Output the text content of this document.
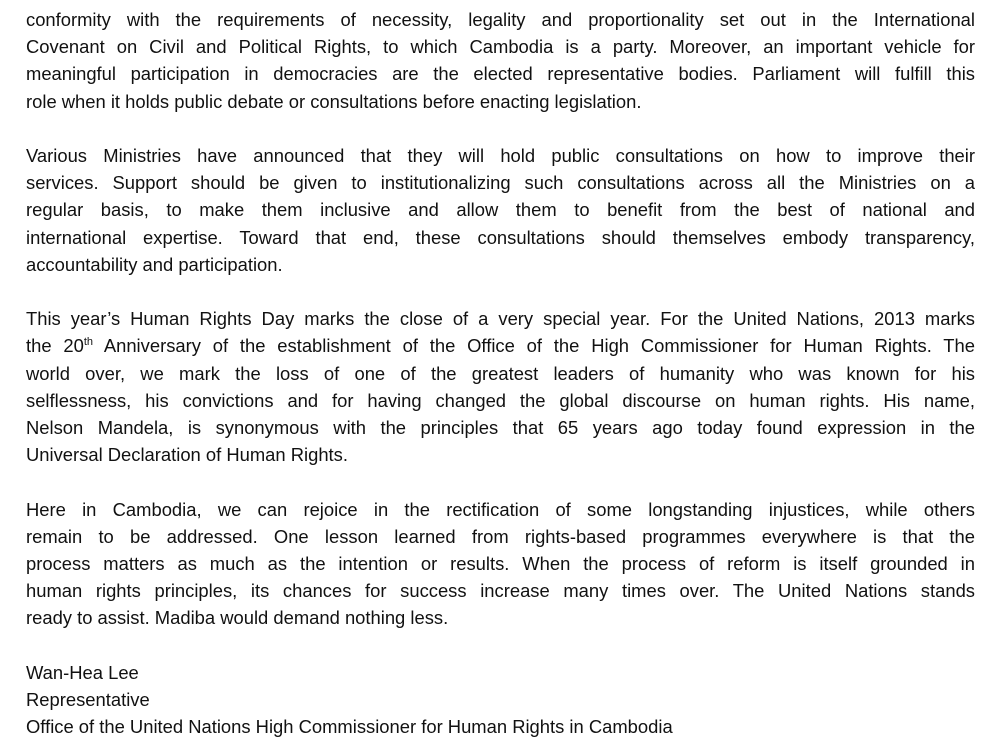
conformity with the requirements of necessity, legality and proportionality set out in the International
Covenant on Civil and Political Rights, to which Cambodia is a party. Moreover, an important vehicle for
meaningful participation in democracies are the elected representative bodies. Parliament will fulfill this
role when it holds public debate or consultations before enacting legislation.
Various Ministries have announced that they will hold public consultations on how to improve their
services. Support should be given to institutionalizing such consultations across all the Ministries on a
regular basis, to make them inclusive and allow them to benefit from the best of national and
international expertise. Toward that end, these consultations should themselves embody transparency,
accountability and participation.
This year’s Human Rights Day marks the close of a very special year. For the United Nations, 2013 marks
the 20th Anniversary of the establishment of the Office of the High Commissioner for Human Rights. The
world over, we mark the loss of one of the greatest leaders of humanity who was known for his
selflessness, his convictions and for having changed the global discourse on human rights. His name,
Nelson Mandela, is synonymous with the principles that 65 years ago today found expression in the
Universal Declaration of Human Rights.
Here in Cambodia, we can rejoice in the rectification of some longstanding injustices, while others
remain to be addressed. One lesson learned from rights-based programmes everywhere is that the
process matters as much as the intention or results. When the process of reform is itself grounded in
human rights principles, its chances for success increase many times over. The United Nations stands
ready to assist. Madiba would demand nothing less.
Wan-Hea Lee
Representative
Office of the United Nations High Commissioner for Human Rights in Cambodia
